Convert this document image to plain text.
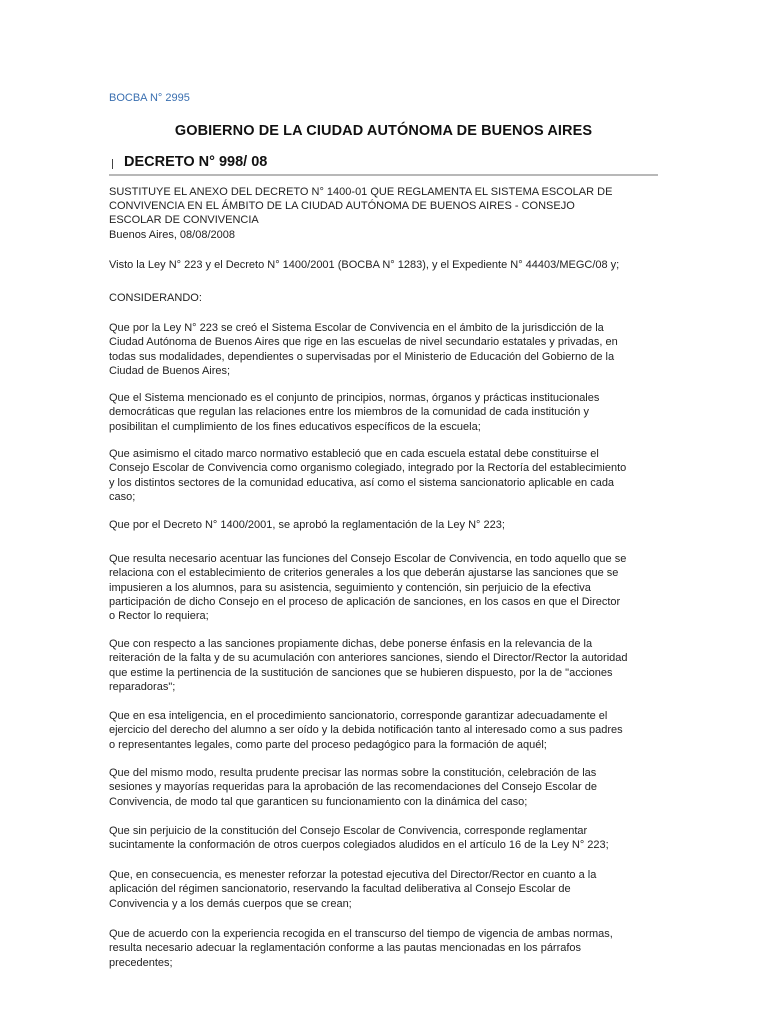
BOCBA N° 2995
GOBIERNO DE LA CIUDAD AUTÓNOMA DE BUENOS AIRES
DECRETO N° 998/ 08
SUSTITUYE EL ANEXO DEL DECRETO N° 1400-01 QUE REGLAMENTA EL SISTEMA ESCOLAR DE
CONVIVENCIA EN EL ÁMBITO DE LA CIUDAD AUTÓNOMA DE BUENOS AIRES - CONSEJO
ESCOLAR DE CONVIVENCIA
Buenos Aires, 08/08/2008
Visto la Ley N° 223 y el Decreto N° 1400/2001 (BOCBA N° 1283), y el Expediente N° 44403/MEGC/08 y;
CONSIDERANDO:
Que por la Ley N° 223 se creó el Sistema Escolar de Convivencia en el ámbito de la jurisdicción de la
Ciudad Autónoma de Buenos Aires que rige en las escuelas de nivel secundario estatales y privadas, en
todas sus modalidades, dependientes o supervisadas por el Ministerio de Educación del Gobierno de la
Ciudad de Buenos Aires;
Que el Sistema mencionado es el conjunto de principios, normas, órganos y prácticas institucionales
democráticas que regulan las relaciones entre los miembros de la comunidad de cada institución y
posibilitan el cumplimiento de los fines educativos específicos de la escuela;
Que asimismo el citado marco normativo estableció que en cada escuela estatal debe constituirse el
Consejo Escolar de Convivencia como organismo colegiado, integrado por la Rectoría del establecimiento
y los distintos sectores de la comunidad educativa, así como el sistema sancionatorio aplicable en cada
caso;
Que por el Decreto N° 1400/2001, se aprobó la reglamentación de la Ley N° 223;
Que resulta necesario acentuar las funciones del Consejo Escolar de Convivencia, en todo aquello que se
relaciona con el establecimiento de criterios generales a los que deberán ajustarse las sanciones que se
impusieren a los alumnos, para su asistencia, seguimiento y contención, sin perjuicio de la efectiva
participación de dicho Consejo en el proceso de aplicación de sanciones, en los casos en que el Director
o Rector lo requiera;
Que con respecto a las sanciones propiamente dichas, debe ponerse énfasis en la relevancia de la
reiteración de la falta y de su acumulación con anteriores sanciones, siendo el Director/Rector la autoridad
que estime la pertinencia de la sustitución de sanciones que se hubieren dispuesto, por la de "acciones
reparadoras";
Que en esa inteligencia, en el procedimiento sancionatorio, corresponde garantizar adecuadamente el
ejercicio del derecho del alumno a ser oído y la debida notificación tanto al interesado como a sus padres
o representantes legales, como parte del proceso pedagógico para la formación de aquél;
Que del mismo modo, resulta prudente precisar las normas sobre la constitución, celebración de las
sesiones y mayorías requeridas para la aprobación de las recomendaciones del Consejo Escolar de
Convivencia, de modo tal que garanticen su funcionamiento con la dinámica del caso;
Que sin perjuicio de la constitución del Consejo Escolar de Convivencia, corresponde reglamentar
sucintamente la conformación de otros cuerpos colegiados aludidos en el artículo 16 de la Ley N° 223;
Que, en consecuencia, es menester reforzar la potestad ejecutiva del Director/Rector en cuanto a la
aplicación del régimen sancionatorio, reservando la facultad deliberativa al Consejo Escolar de
Convivencia y a los demás cuerpos que se crean;
Que de acuerdo con la experiencia recogida en el transcurso del tiempo de vigencia de ambas normas,
resulta necesario adecuar la reglamentación conforme a las pautas mencionadas en los párrafos
precedentes;
